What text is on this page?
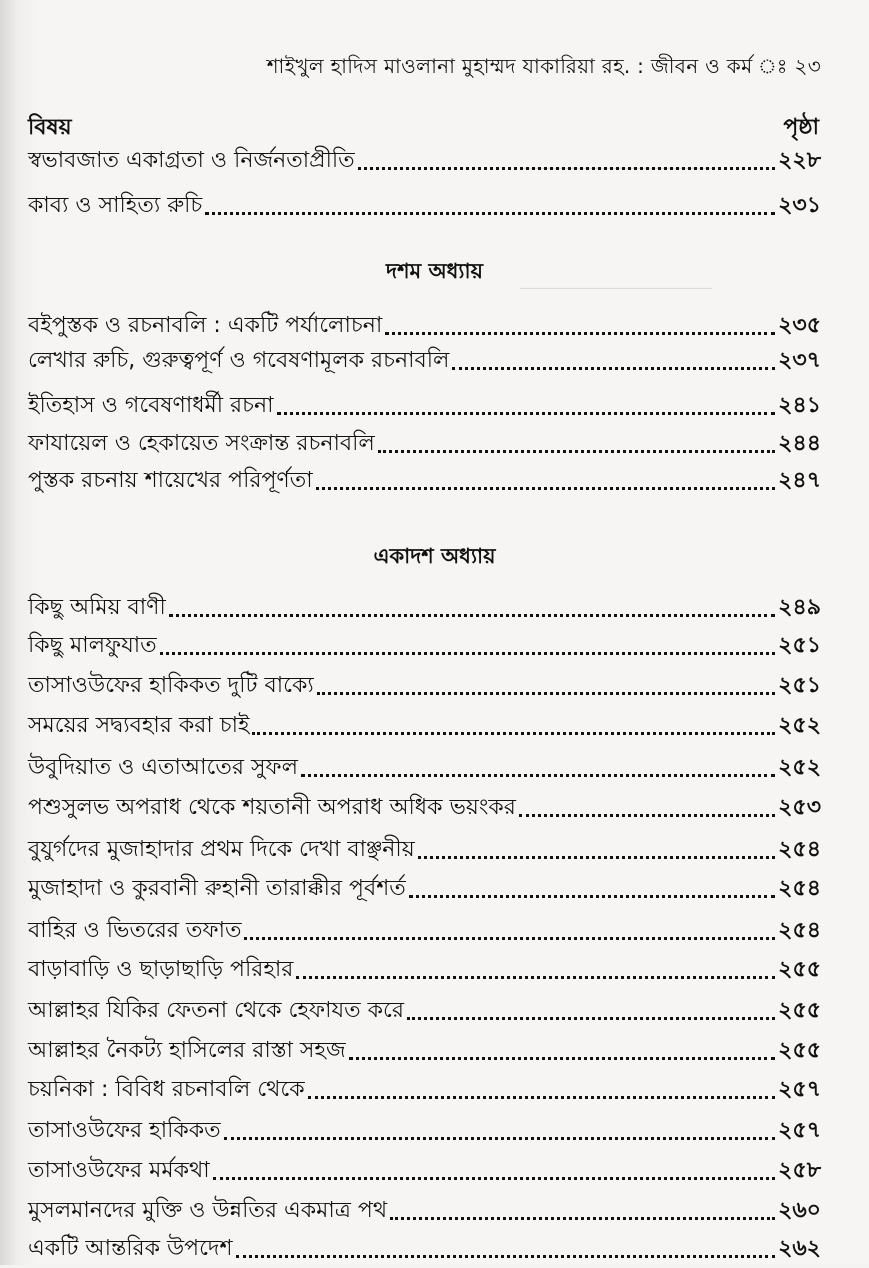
________________________
________________________
শাইখুল হাদিস মাওলানা মুহাম্মদ যাকারিয়া রহ. : জীবন ও কর্ম ঃ ২৩
বিষয়	পৃষ্ঠা
স্বভাবজাত একাগ্রতা ও নির্জনতাপ্রীতি	২২৮
কাব্য ও সাহিত্য রুচি	২৩১
দশম অধ্যায়
বইপুস্তক ও রচনাবলি : একটি পর্যালোচনা	২৩৫
লেখার রুচি, গুরুত্বপূর্ণ ও গবেষণামূলক রচনাবলি	২৩৭
ইতিহাস ও গবেষণাধর্মী রচনা	২৪১
ফাযায়েল ও হেকায়েত সংক্রান্ত রচনাবলি	২৪৪
পুস্তক রচনায় শায়েখের পরিপূর্ণতা	২৪৭
একাদশ অধ্যায়
কিছু অমিয় বাণী	২৪৯
কিছু মালফুযাত	২৫১
তাসাওউফের হাকিকত দুটি বাক্যে	২৫১
সময়ের সদ্ব্যবহার করা চাই	২৫২
উবুদিয়াত ও এতাআতের সুফল	২৫২
পশুসুলভ অপরাধ থেকে শয়তানী অপরাধ অধিক ভয়ংকর	২৫৩
বুযুর্গদের মুজাহাদার প্রথম দিকে দেখা বাঞ্ছনীয়	২৫৪
মুজাহাদা ও কুরবানী রুহানী তারাক্কীর পূর্বশর্ত	২৫৪
বাহির ও ভিতরের তফাত	২৫৪
বাড়াবাড়ি ও ছাড়াছাড়ি পরিহার	২৫৫
আল্লাহর যিকির ফেতনা থেকে হেফাযত করে	২৫৫
আল্লাহর নৈকট্য হাসিলের রাস্তা সহজ	২৫৫
চয়নিকা : বিবিধ রচনাবলি থেকে	২৫৭
তাসাওউফের হাকিকত	২৫৭
তাসাওউফের মর্মকথা	২৫৮
মুসলমানদের মুক্তি ও উন্নতির একমাত্র পথ	২৬০
একটি আন্তরিক উপদেশ	২৬২
